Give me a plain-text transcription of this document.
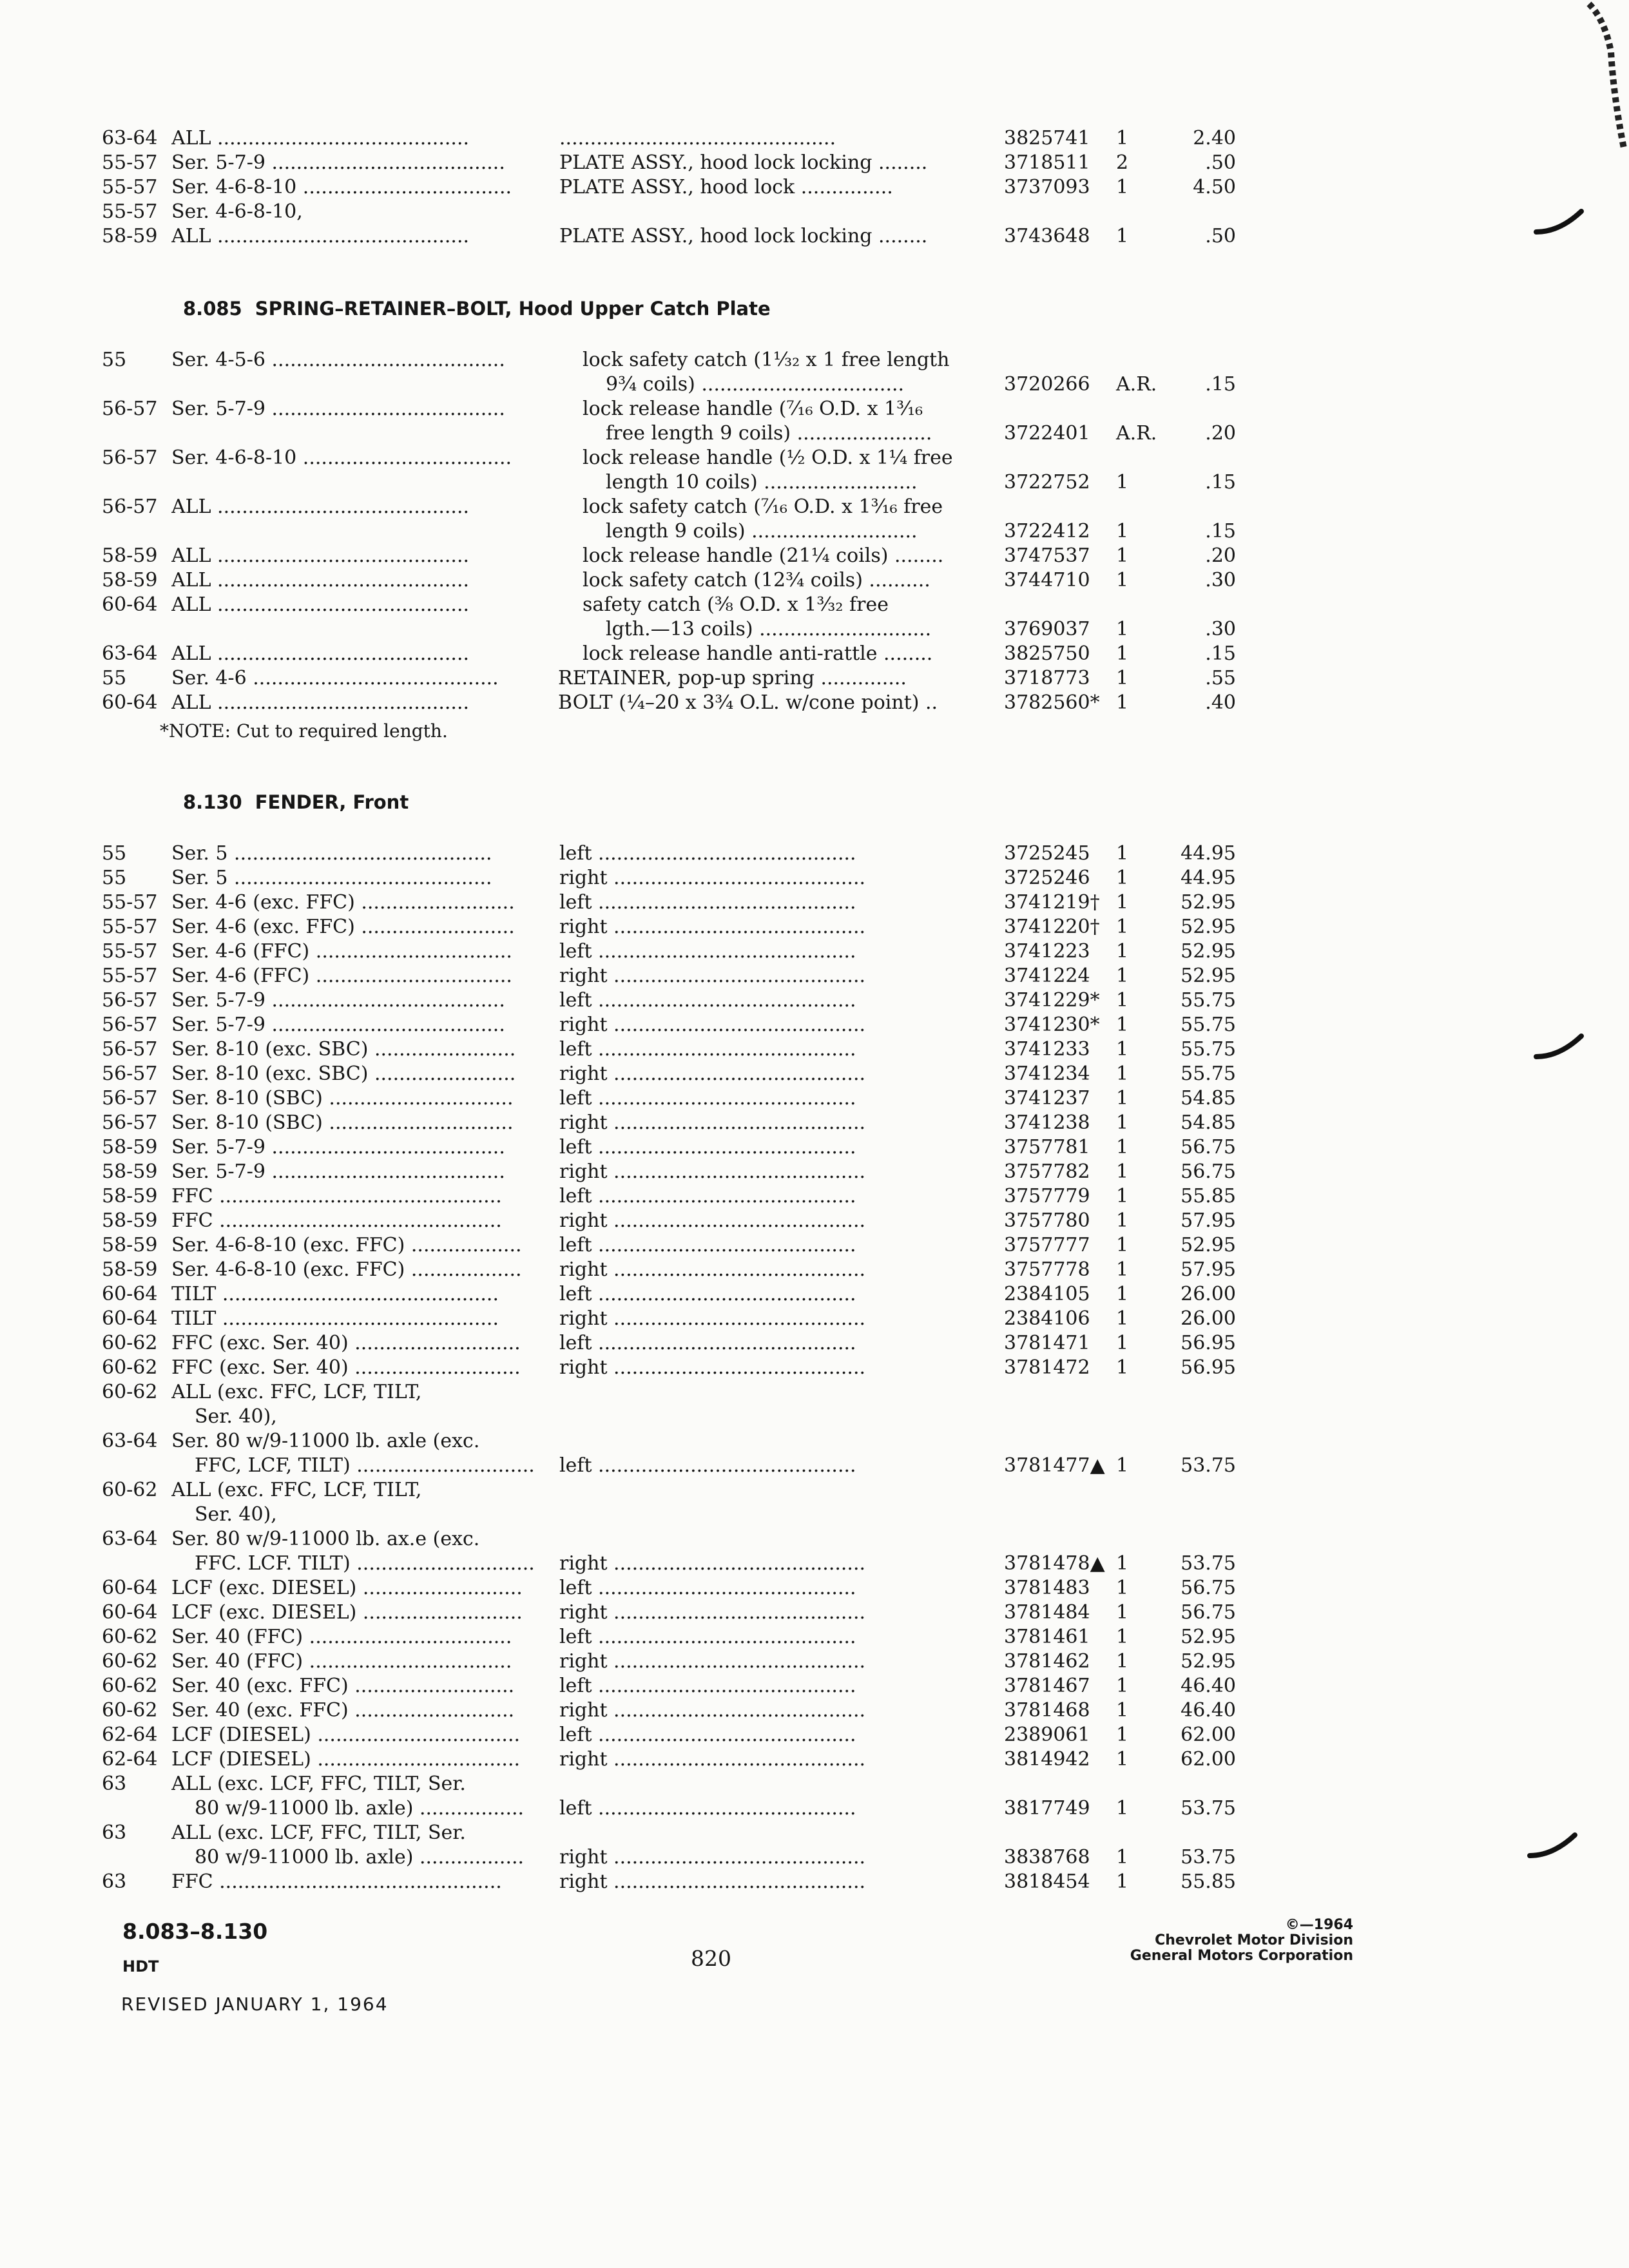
63-64 ALL .........................................	.............................................	3825741 1	2.40
55-57 Ser. 5-7-9 ......................................	PLATE ASSY., hood lock locking ........	3718511 2	.50
55-57 Ser. 4-6-8-10 ..................................	PLATE ASSY., hood lock ...............	3737093 1	4.50
55-57 Ser. 4-6-8-10,
58-59 ALL .........................................	PLATE ASSY., hood lock locking ........	3743648 1	.50
8.085 SPRING–RETAINER–BOLT, Hood Upper Catch Plate
55 Ser. 4-5-6 ......................................	lock safety catch (1¹⁄₃₂ x 1 free length
9³⁄₄ coils) .................................	3720266 A.R.	.15
56-57 Ser. 5-7-9 ......................................	lock release handle (⁷⁄₁₆ O.D. x 1³⁄₁₆
free length 9 coils) ......................	3722401 A.R.	.20
56-57 Ser. 4-6-8-10 ..................................	lock release handle (½ O.D. x 1¼ free
length 10 coils) .........................	3722752 1	.15
56-57 ALL .........................................	lock safety catch (⁷⁄₁₆ O.D. x 1³⁄₁₆ free
length 9 coils) ...........................	3722412 1	.15
58-59 ALL .........................................	lock release handle (21¼ coils) ........	3747537 1	.20
58-59 ALL .........................................	lock safety catch (12¾ coils) ..........	3744710 1	.30
60-64 ALL .........................................	safety catch (⅜ O.D. x 1³⁄₃₂ free
lgth.—13 coils) ............................	3769037 1	.30
63-64 ALL .........................................	lock release handle anti-rattle ........	3825750 1	.15
55 Ser. 4-6 ........................................	RETAINER, pop-up spring ..............	3718773 1	.55
60-64 ALL .........................................	BOLT (¼–20 x 3¾ O.L. w/cone point) ..	3782560* 1	.40
*NOTE: Cut to required length.
8.130 FENDER, Front
55 Ser. 5 ..........................................	left ..........................................	3725245 1	44.95
55 Ser. 5 ..........................................	right .........................................	3725246 1	44.95
55-57 Ser. 4-6 (exc. FFC) .........................	left ..........................................	3741219† 1	52.95
55-57 Ser. 4-6 (exc. FFC) .........................	right .........................................	3741220† 1	52.95
55-57 Ser. 4-6 (FFC) ................................	left ..........................................	3741223 1	52.95
55-57 Ser. 4-6 (FFC) ................................	right .........................................	3741224 1	52.95
56-57 Ser. 5-7-9 ......................................	left ..........................................	3741229* 1	55.75
56-57 Ser. 5-7-9 ......................................	right .........................................	3741230* 1	55.75
56-57 Ser. 8-10 (exc. SBC) .......................	left ..........................................	3741233 1	55.75
56-57 Ser. 8-10 (exc. SBC) .......................	right .........................................	3741234 1	55.75
56-57 Ser. 8-10 (SBC) ..............................	left ..........................................	3741237 1	54.85
56-57 Ser. 8-10 (SBC) ..............................	right .........................................	3741238 1	54.85
58-59 Ser. 5-7-9 ......................................	left ..........................................	3757781 1	56.75
58-59 Ser. 5-7-9 ......................................	right .........................................	3757782 1	56.75
58-59 FFC ..............................................	left ..........................................	3757779 1	55.85
58-59 FFC ..............................................	right .........................................	3757780 1	57.95
58-59 Ser. 4-6-8-10 (exc. FFC) ..................	left ..........................................	3757777 1	52.95
58-59 Ser. 4-6-8-10 (exc. FFC) ..................	right .........................................	3757778 1	57.95
60-64 TILT .............................................	left ..........................................	2384105 1	26.00
60-64 TILT .............................................	right .........................................	2384106 1	26.00
60-62 FFC (exc. Ser. 40) ...........................	left ..........................................	3781471 1	56.95
60-62 FFC (exc. Ser. 40) ...........................	right .........................................	3781472 1	56.95
60-62 ALL (exc. FFC, LCF, TILT,
Ser. 40),
63-64 Ser. 80 w/9-11000 lb. axle (exc.
FFC, LCF, TILT) .............................	left ..........................................	3781477▲ 1	53.75
60-62 ALL (exc. FFC, LCF, TILT,
Ser. 40),
63-64 Ser. 80 w/9-11000 lb. ax.e (exc.
FFC. LCF. TILT) .............................	right .........................................	3781478▲ 1	53.75
60-64 LCF (exc. DIESEL) ..........................	left ..........................................	3781483 1	56.75
60-64 LCF (exc. DIESEL) ..........................	right .........................................	3781484 1	56.75
60-62 Ser. 40 (FFC) .................................	left ..........................................	3781461 1	52.95
60-62 Ser. 40 (FFC) .................................	right .........................................	3781462 1	52.95
60-62 Ser. 40 (exc. FFC) ..........................	left ..........................................	3781467 1	46.40
60-62 Ser. 40 (exc. FFC) ..........................	right .........................................	3781468 1	46.40
62-64 LCF (DIESEL) .................................	left ..........................................	2389061 1	62.00
62-64 LCF (DIESEL) .................................	right .........................................	3814942 1	62.00
63 ALL (exc. LCF, FFC, TILT, Ser.
80 w/9-11000 lb. axle) .................	left ..........................................	3817749 1	53.75
63 ALL (exc. LCF, FFC, TILT, Ser.
80 w/9-11000 lb. axle) .................	right .........................................	3838768 1	53.75
63 FFC ..............................................	right .........................................	3818454 1	55.85
8.083–8.130
HDT
REVISED JANUARY 1, 1964
820
©—1964
Chevrolet Motor Division
General Motors Corporation
